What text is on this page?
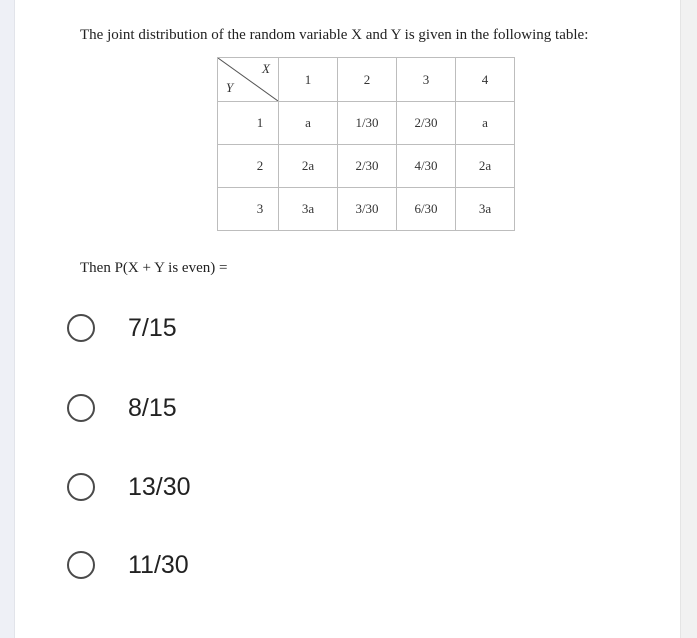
The joint distribution of the random variable X and Y is given in the following table:
X
Y	1	2	3	4
1	a	1/30	2/30	a
2	2a	2/30	4/30	2a
3	3a	3/30	6/30	3a
Then P(X + Y is even) =
7/15
8/15
13/30
11/30
